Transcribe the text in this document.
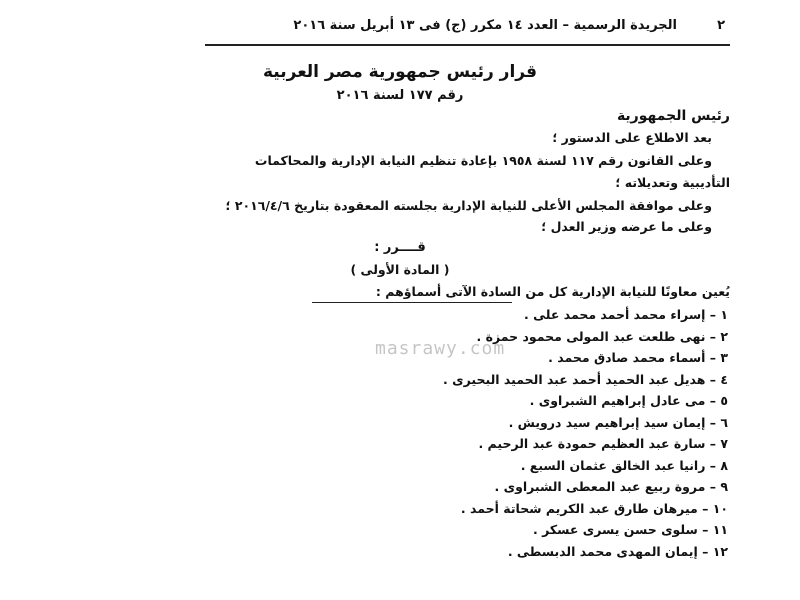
٢
الجريدة الرسمية – العدد ١٤ مكرر (ج) فى ١٣ أبريل سنة ٢٠١٦
قرار رئيس جمهورية مصر العربية
رقم ١٧٧ لسنة ٢٠١٦
رئيس الجمهورية
بعد الاطلاع على الدستور ؛
وعلى القانون رقم ١١٧ لسنة ١٩٥٨ بإعادة تنظيم النيابة الإدارية والمحاكمات
التأديبية وتعديلاته ؛
وعلى موافقة المجلس الأعلى للنيابة الإدارية بجلسته المعقودة بتاريخ ٢٠١٦/٤/٦ ؛
وعلى ما عرضه وزير العدل ؛
قــــرر :
( المادة الأولى )
يُعين معاونًا للنيابة الإدارية كل من السادة الآتى أسماؤهم :
١ – إسراء محمد أحمد محمد على .
٢ – نهى طلعت عبد المولى محمود حمزة .
٣ – أسماء محمد صادق محمد .
٤ – هديل عبد الحميد أحمد عبد الحميد البحيرى .
٥ – مى عادل إبراهيم الشبراوى .
٦ – إيمان سيد إبراهيم سيد درويش .
٧ – سارة عبد العظيم حمودة عبد الرحيم .
٨ – رانيا عبد الخالق عثمان السبع .
٩ – مروة ربيع عبد المعطى الشبراوى .
١٠ – ميرهان طارق عبد الكريم شحاتة أحمد .
١١ – سلوى حسن يسرى عسكر .
١٢ – إيمان المهدى محمد الدبسطى .
masrawy.com
